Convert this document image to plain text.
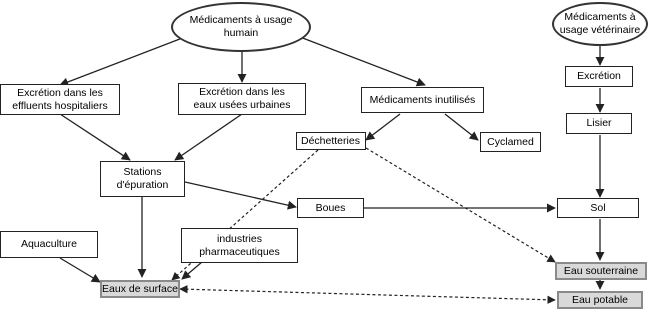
Médicaments à usage
humain
Médicaments à
usage vétérinaire
Excrétion dans les
effluents hospitaliers
Excrétion dans les
eaux usées urbaines	Médicaments inutilisés
Excrétion
Lisier
Déchetteries	Cyclamed
Stations
d'épuration
Boues	Sol
Aquaculture	industries
pharmaceutiques
Eaux de surface
Eau souterraine
Eau potable
